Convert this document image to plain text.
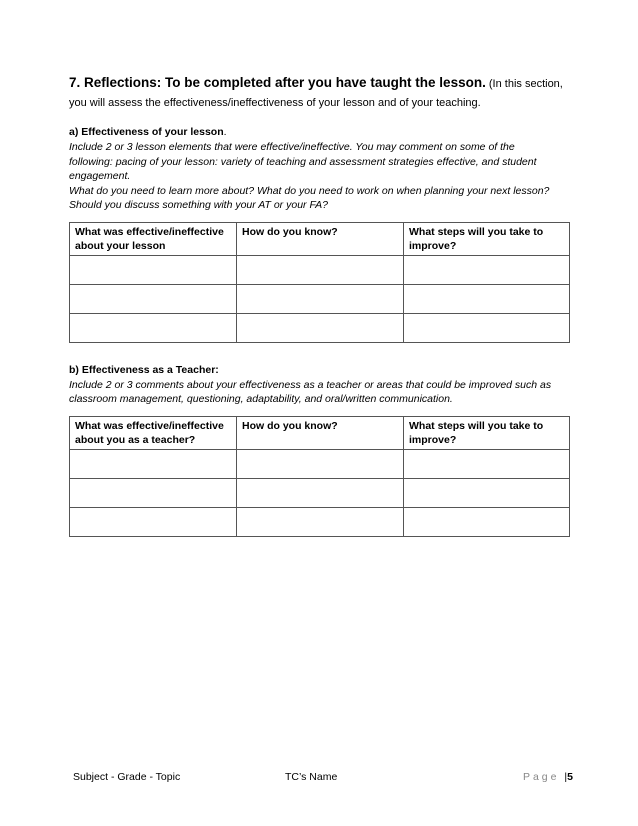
7. Reflections: To be completed after you have taught the lesson. (In this section,
you will assess the effectiveness/ineffectiveness of your lesson and of your teaching.
a) Effectiveness of your lesson.
Include 2 or 3 lesson elements that were effective/ineffective. You may comment on some of the
following: pacing of your lesson: variety of teaching and assessment strategies effective, and student
engagement.
What do you need to learn more about? What do you need to work on when planning your next lesson?
Should you discuss something with your AT or your FA?
What was effective/ineffective about your lesson	How do you know?	What steps will you take to improve?

b) Effectiveness as a Teacher:
Include 2 or 3 comments about your effectiveness as a teacher or areas that could be improved such as
classroom management, questioning, adaptability, and oral/written communication.
What was effective/ineffective about you as a teacher?	How do you know?	What steps will you take to improve?

Subject - Grade - Topic	TC’s Name	Page |5
